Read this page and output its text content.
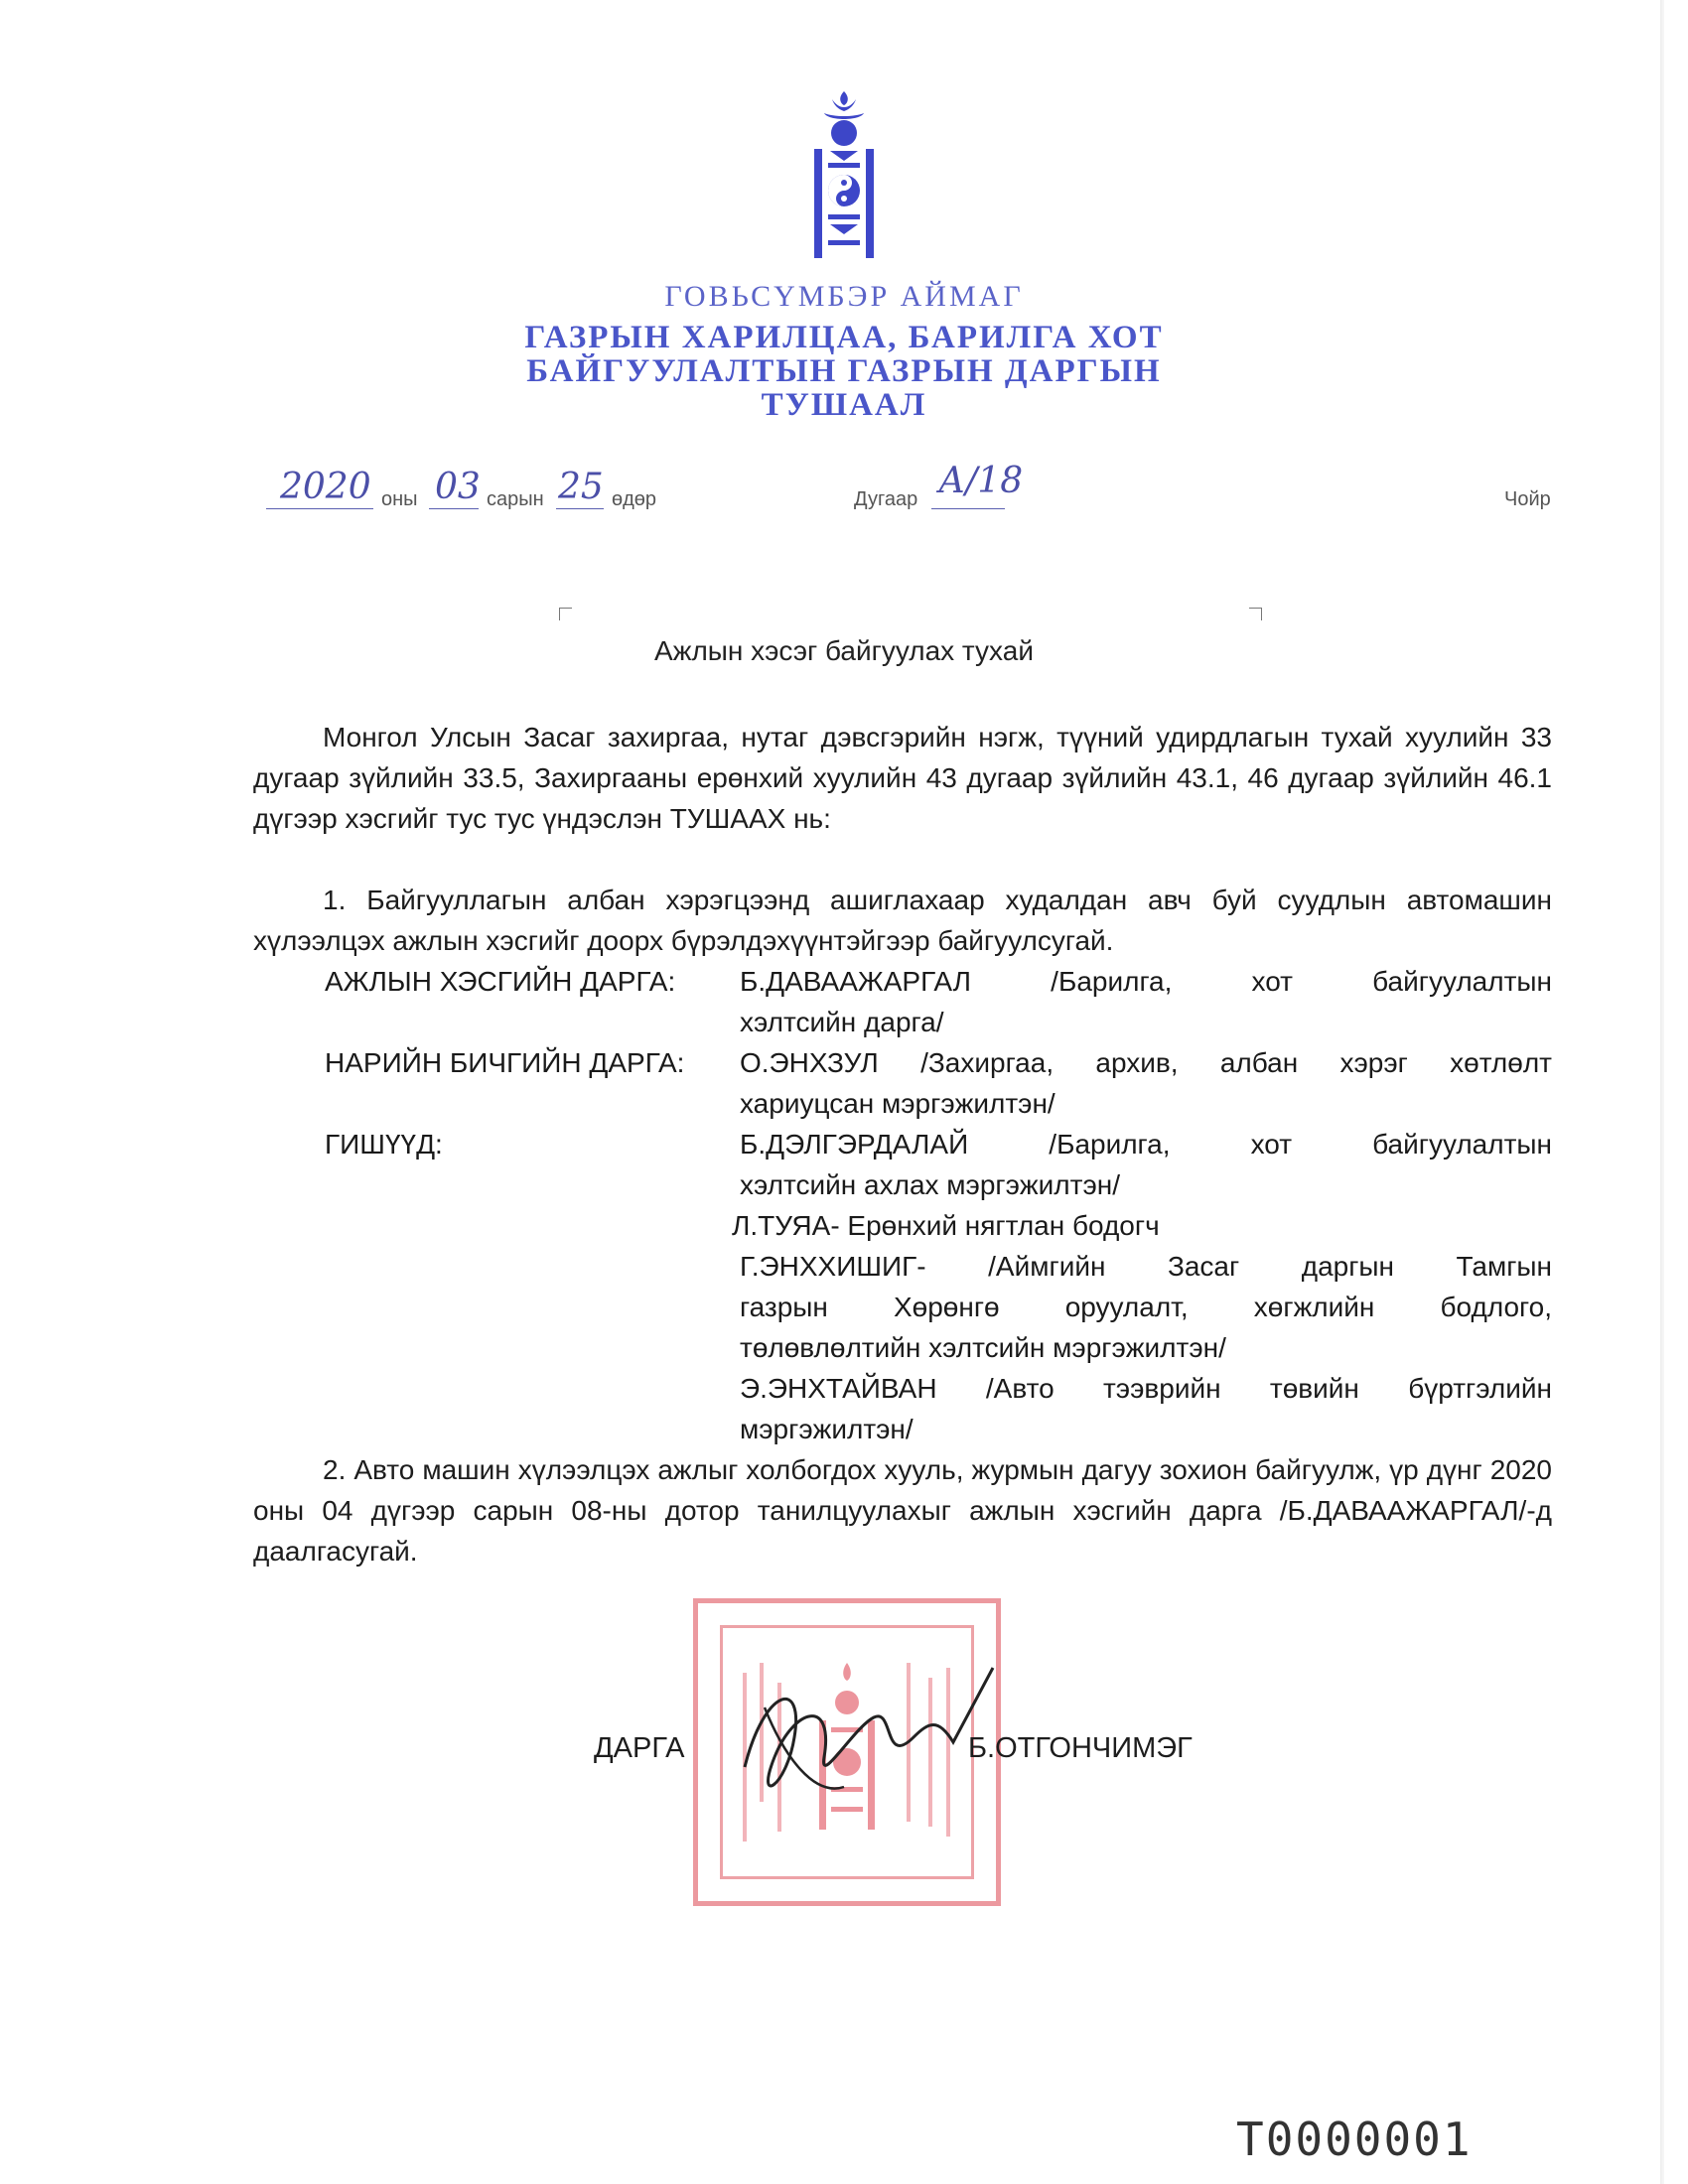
ГОВЬСҮМБЭР АЙМАГ
ГАЗРЫН ХАРИЛЦАА, БАРИЛГА ХОТ
БАЙГУУЛАЛТЫН ГАЗРЫН ДАРГЫН
ТУШААЛ
2020 оны 03 сарын 25 өдөр	Дугаар А/18	Чойр
Ажлын хэсэг байгуулах тухай
Монгол Улсын Засаг захиргаа, нутаг дэвсгэрийн нэгж, түүний удирдлагын тухай хуулийн 33 дугаар зүйлийн 33.5, Захиргааны ерөнхий хуулийн 43 дугаар зүйлийн 43.1, 46 дугаар зүйлийн 46.1 дүгээр хэсгийг тус тус үндэслэн ТУШААХ нь:
1. Байгууллагын албан хэрэгцээнд ашиглахаар худалдан авч буй суудлын автомашин хүлээлцэх ажлын хэсгийг доорх бүрэлдэхүүнтэйгээр байгуулсугай.
АЖЛЫН ХЭСГИЙН ДАРГА:	Б.ДАВААЖАРГАЛ /Барилга, хот байгуулалтын
хэлтсийн дарга/
НАРИЙН БИЧГИЙН ДАРГА:	О.ЭНХЗУЛ /Захиргаа, архив, албан хэрэг хөтлөлт
хариуцсан мэргэжилтэн/
ГИШҮҮД:	Б.ДЭЛГЭРДАЛАЙ /Барилга, хот байгуулалтын
хэлтсийн ахлах мэргэжилтэн/
Л.ТУЯА- Ерөнхий нягтлан бодогч
Г.ЭНХХИШИГ- /Аймгийн Засаг даргын Тамгын
газрын Хөрөнгө оруулалт, хөгжлийн бодлого,
төлөвлөлтийн хэлтсийн мэргэжилтэн/
Э.ЭНХТАЙВАН /Авто тээврийн төвийн бүртгэлийн
мэргэжилтэн/
2. Авто машин хүлээлцэх ажлыг холбогдох хууль, журмын дагуу зохион байгуулж, үр дүнг 2020 оны 04 дүгээр сарын 08-ны дотор танилцуулахыг ажлын хэсгийн дарга /Б.ДАВААЖАРГАЛ/-д даалгасугай.
ДАРГА	Б.ОТГОНЧИМЭГ
T0000001
